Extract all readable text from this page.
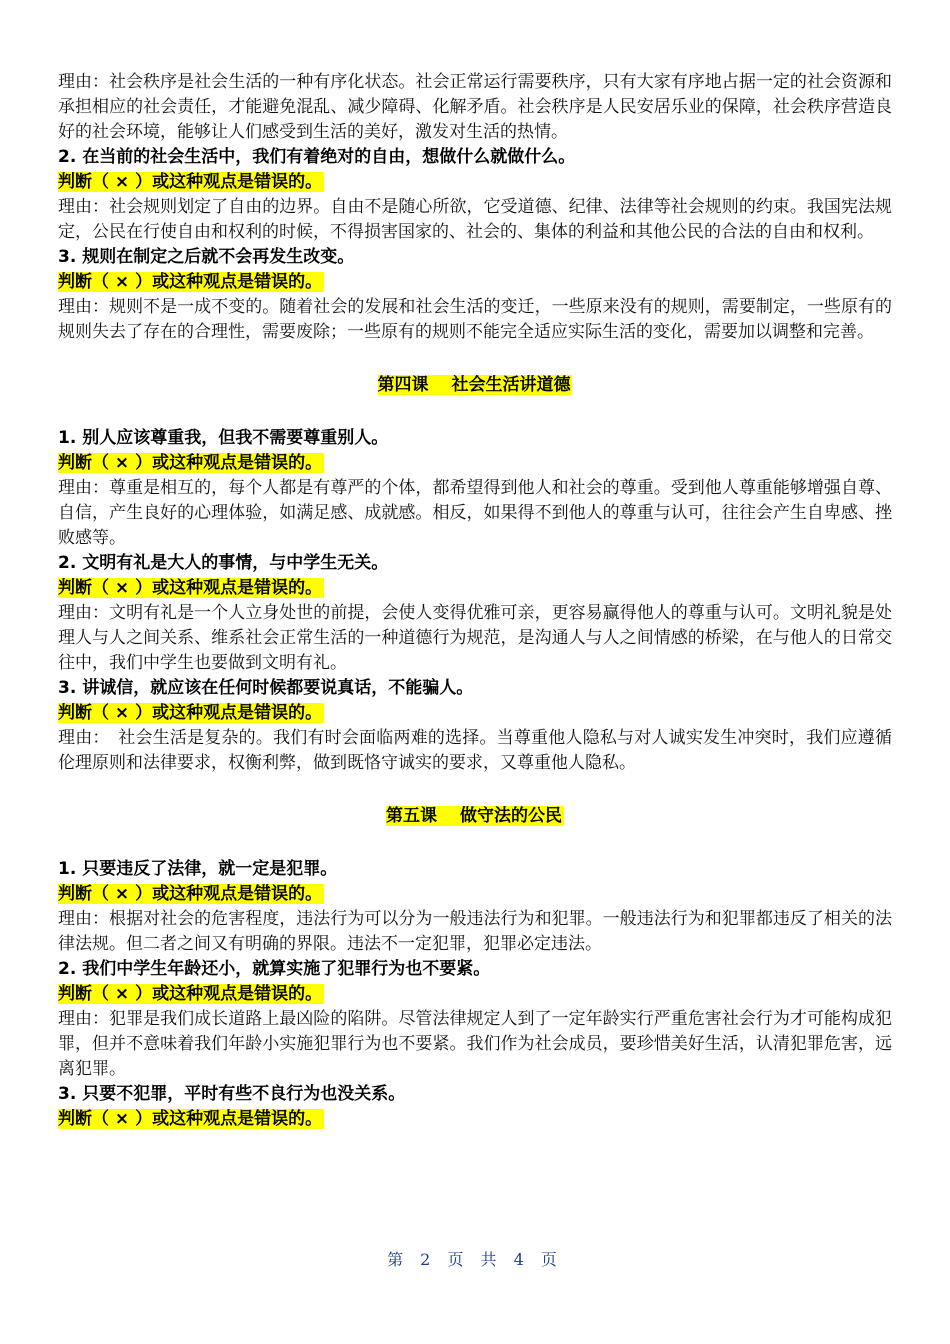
理由：社会秩序是社会生活的一种有序化状态。社会正常运行需要秩序，只有大家有序地占据一定的社会资源和承担相应的社会责任，才能避免混乱、减少障碍、化解矛盾。社会秩序是人民安居乐业的保障，社会秩序营造良好的社会环境，能够让人们感受到生活的美好，激发对生活的热情。

2. 在当前的社会生活中，我们有着绝对的自由，想做什么就做什么。

判断（ × ）或这种观点是错误的。

理由：社会规则划定了自由的边界。自由不是随心所欲，它受道德、纪律、法律等社会规则的约束。我国宪法规定，公民在行使自由和权利的时候，不得损害国家的、社会的、集体的利益和其他公民的合法的自由和权利。

3. 规则在制定之后就不会再发生改变。

判断（ × ）或这种观点是错误的。

理由：规则不是一成不变的。随着社会的发展和社会生活的变迁，一些原来没有的规则，需要制定，一些原有的规则失去了存在的合理性，需要废除；一些原有的规则不能完全适应实际生活的变化，需要加以调整和完善。

第四课　 社会生活讲道德

1. 别人应该尊重我，但我不需要尊重别人。

判断（ × ）或这种观点是错误的。

理由：尊重是相互的，每个人都是有尊严的个体，都希望得到他人和社会的尊重。受到他人尊重能够增强自尊、自信，产生良好的心理体验，如满足感、成就感。相反，如果得不到他人的尊重与认可，往往会产生自卑感、挫败感等。

2. 文明有礼是大人的事情，与中学生无关。

判断（ × ）或这种观点是错误的。

理由：文明有礼是一个人立身处世的前提，会使人变得优雅可亲，更容易赢得他人的尊重与认可。文明礼貌是处理人与人之间关系、维系社会正常生活的一种道德行为规范，是沟通人与人之间情感的桥梁，在与他人的日常交往中，我们中学生也要做到文明有礼。

3. 讲诚信，就应该在任何时候都要说真话，不能骗人。

判断（ × ）或这种观点是错误的。

理由：　社会生活是复杂的。我们有时会面临两难的选择。当尊重他人隐私与对人诚实发生冲突时，我们应遵循伦理原则和法律要求，权衡利弊，做到既恪守诚实的要求，又尊重他人隐私。

第五课　 做守法的公民

1. 只要违反了法律，就一定是犯罪。

判断（ × ）或这种观点是错误的。

理由：根据对社会的危害程度，违法行为可以分为一般违法行为和犯罪。一般违法行为和犯罪都违反了相关的法律法规。但二者之间又有明确的界限。违法不一定犯罪，犯罪必定违法。

2. 我们中学生年龄还小，就算实施了犯罪行为也不要紧。

判断（ × ）或这种观点是错误的。

理由：犯罪是我们成长道路上最凶险的陷阱。尽管法律规定人到了一定年龄实行严重危害社会行为才可能构成犯罪，但并不意味着我们年龄小实施犯罪行为也不要紧。我们作为社会成员，要珍惜美好生活，认清犯罪危害，远离犯罪。

3. 只要不犯罪，平时有些不良行为也没关系。

判断（ × ）或这种观点是错误的。

第 2 页 共 4 页
